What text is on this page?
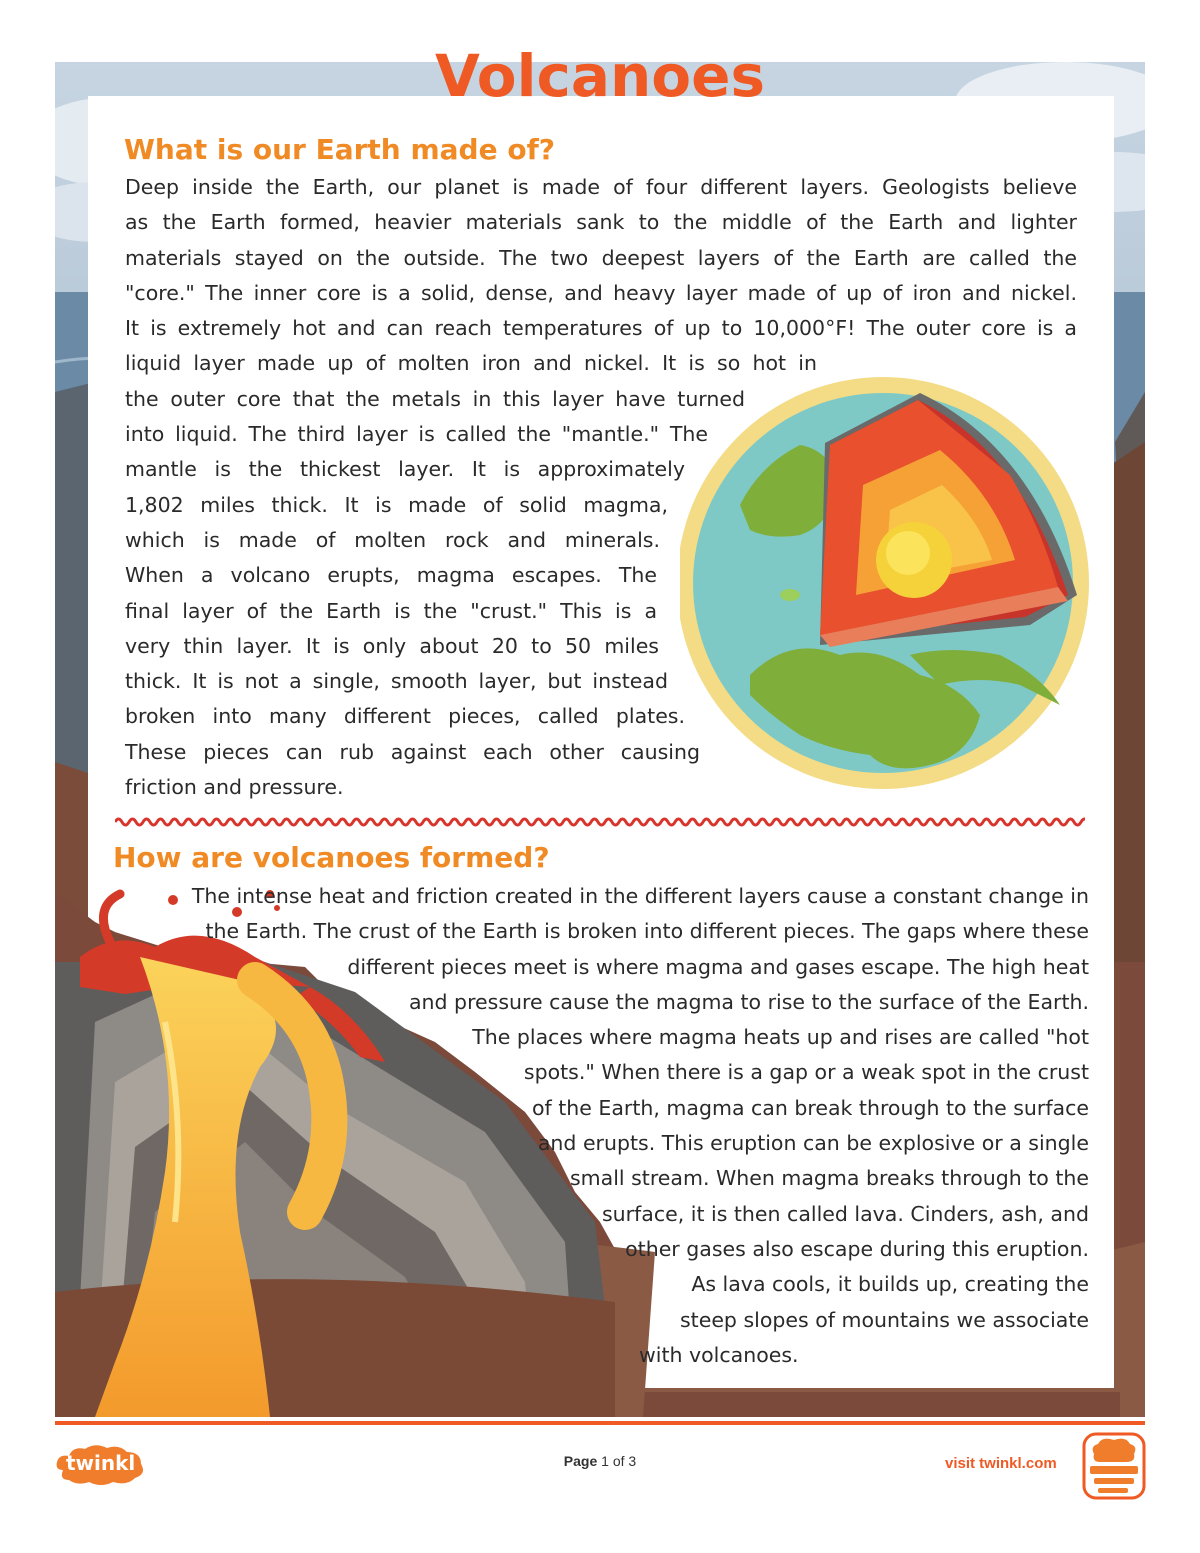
Volcanoes
What is our Earth made of?
Deep inside the Earth, our planet is made of four different layers. Geologists believe
as the Earth formed, heavier materials sank to the middle of the Earth and lighter
materials stayed on the outside. The two deepest layers of the Earth are called the
"core." The inner core is a solid, dense, and heavy layer made of up of iron and nickel.
It is extremely hot and can reach temperatures of up to 10,000°F! The outer core is a
liquid layer made up of molten iron and nickel. It is so hot in
the outer core that the metals in this layer have turned
into liquid. The third layer is called the "mantle." The
mantle is the thickest layer. It is approximately
1,802 miles thick. It is made of solid magma,
which is made of molten rock and minerals.
When a volcano erupts, magma escapes. The
final layer of the Earth is the "crust." This is a
very thin layer. It is only about 20 to 50 miles
thick. It is not a single, smooth layer, but instead
broken into many different pieces, called plates.
These pieces can rub against each other causing
friction and pressure.
How are volcanoes formed?
The intense heat and friction created in the different layers cause a constant change in
the Earth. The crust of the Earth is broken into different pieces. The gaps where these
different pieces meet is where magma and gases escape. The high heat
and pressure cause the magma to rise to the surface of the Earth.
The places where magma heats up and rises are called "hot
spots." When there is a gap or a weak spot in the crust
of the Earth, magma can break through to the surface
and erupts. This eruption can be explosive or a single
small stream. When magma breaks through to the
surface, it is then called lava. Cinders, ash, and
other gases also escape during this eruption.
As lava cools, it builds up, creating the
steep slopes of mountains we associate
with volcanoes.
twinkl	Page 1 of 3	visit twinkl.com
